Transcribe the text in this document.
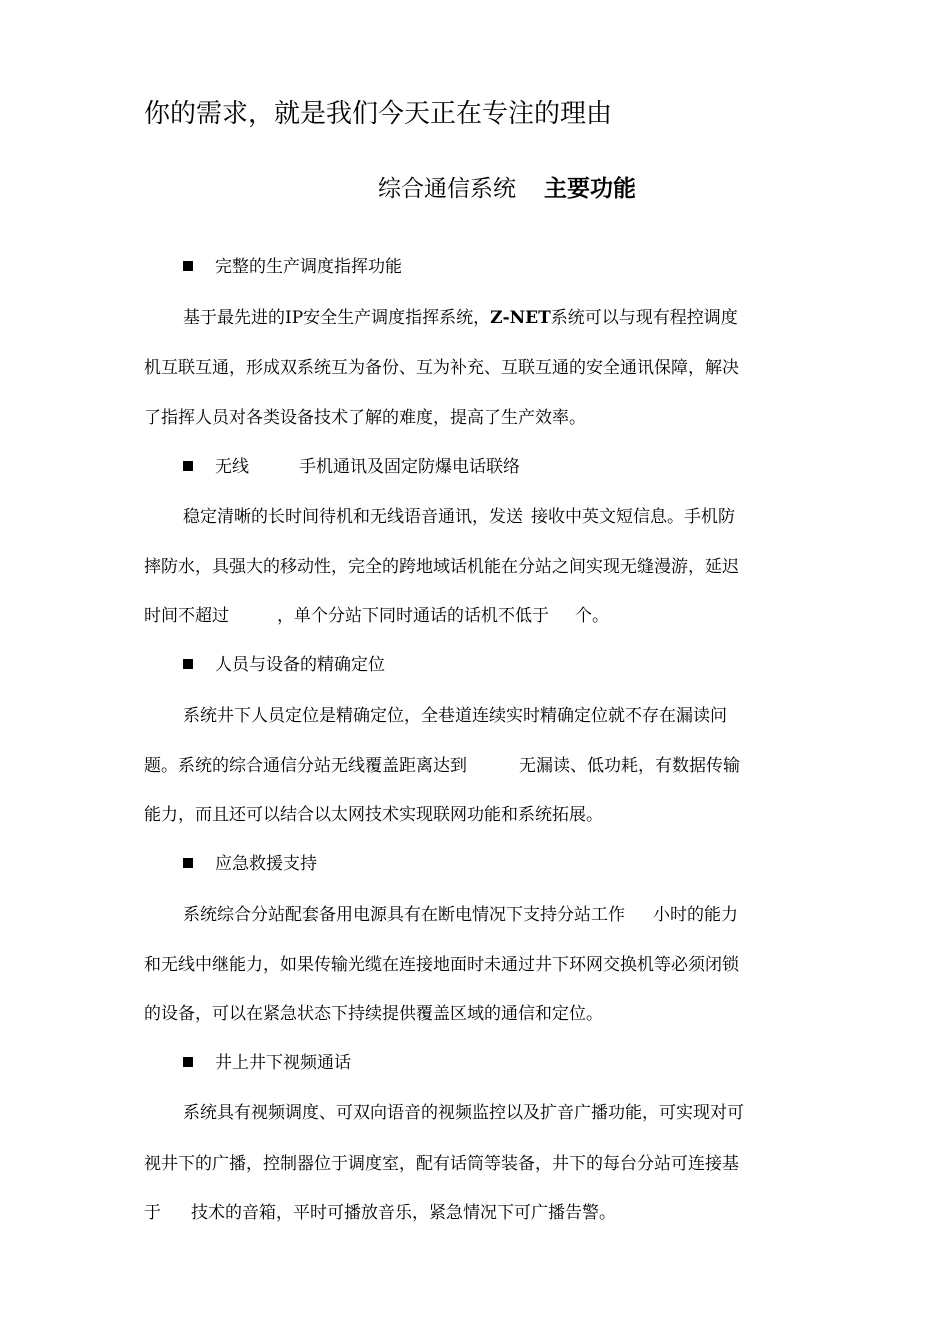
你的需求，就是我们今天正在专注的理由
综合通信系统 主要功能
完整的生产调度指挥功能
基于最先进的IP安全生产调度指挥系统，Z-NET系统可以与现有程控调度
机互联互通，形成双系统互为备份、互为补充、互联互通的安全通讯保障，解决
了指挥人员对各类设备技术了解的难度，提高了生产效率。
无线	手机通讯及固定防爆电话联络
稳定清晰的长时间待机和无线语音通讯，发送 接收中英文短信息。手机防
摔防水，具强大的移动性，完全的跨地域话机能在分站之间实现无缝漫游，延迟
时间不超过	，单个分站下同时通话的话机不低于 个。
人员与设备的精确定位
系统井下人员定位是精确定位，全巷道连续实时精确定位就不存在漏读问
题。系统的综合通信分站无线覆盖距离达到	无漏读、低功耗，有数据传输
能力，而且还可以结合以太网技术实现联网功能和系统拓展。
应急救援支持
系统综合分站配套备用电源具有在断电情况下支持分站工作 小时的能力
和无线中继能力，如果传输光缆在连接地面时未通过井下环网交换机等必须闭锁
的设备，可以在紧急状态下持续提供覆盖区域的通信和定位。
井上井下视频通话
系统具有视频调度、可双向语音的视频监控以及扩音广播功能，可实现对可
视井下的广播，控制器位于调度室，配有话筒等装备，井下的每台分站可连接基
于 技术的音箱，平时可播放音乐，紧急情况下可广播告警。
